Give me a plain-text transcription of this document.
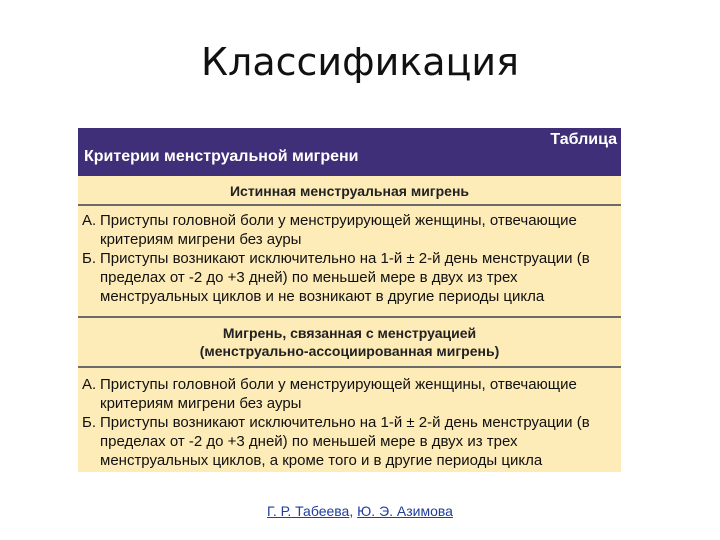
Классификация
Критерии менструальной мигрени
Таблица
Истинная менструальная мигрень
А. Приступы головной боли у менструирующей женщины, отвечающие критериям мигрени без ауры
Б. Приступы возникают исключительно на 1-й ± 2-й день менструации (в пределах от -2 до +3 дней) по меньшей мере в двух из трех менструальных циклов и не возникают в другие периоды цикла
Мигрень, связанная с менструацией
(менструально-ассоциированная мигрень)
А. Приступы головной боли у менструирующей женщины, отвечающие критериям мигрени без ауры
Б. Приступы возникают исключительно на 1-й ± 2-й день менструации (в пределах от -2 до +3 дней) по меньшей мере в двух из трех менструальных циклов, а кроме того и в другие периоды цикла
Г. Р. Табеева, Ю. Э. Азимова
